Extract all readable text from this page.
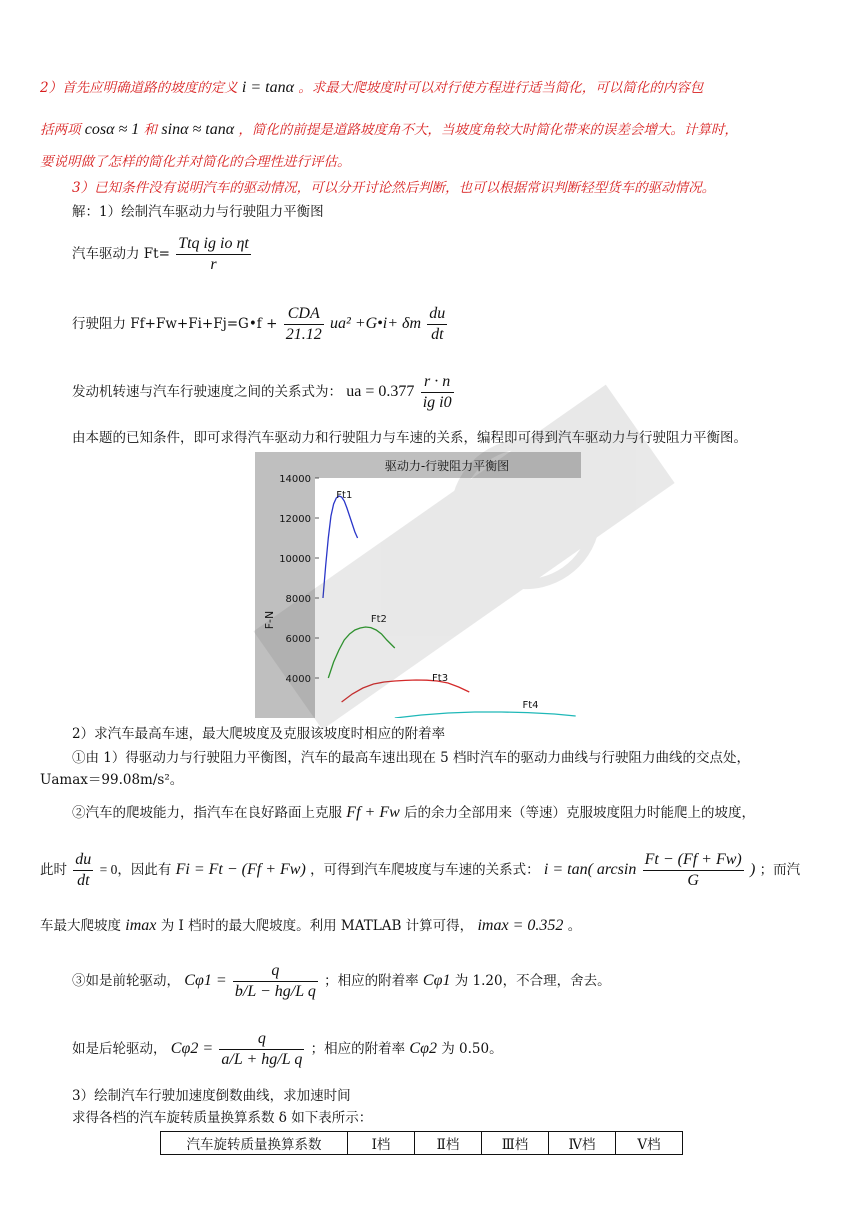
2）首先应明确道路的坡度的定义 i = tanα 。求最大爬坡度时可以对行使方程进行适当简化，可以简化的内容包
括两项 cosα ≈ 1 和 sinα ≈ tanα ，简化的前提是道路坡度角不大，当坡度角较大时简化带来的误差会增大。计算时，
要说明做了怎样的简化并对简化的合理性进行评估。
3）已知条件没有说明汽车的驱动情况，可以分开讨论然后判断，也可以根据常识判断轻型货车的驱动情况。
解：1）绘制汽车驱动力与行驶阻力平衡图
汽车驱动力 $Ft= \frac{\text{Ttq ig io ηt}}{r}$
行驶阻力 Ff+Fw+Fi+Fj=G•f + $\frac{\text{CDA}}{21.12} ua^2$ +G•i+ δm $\frac{du}{dt}$
发动机转速与汽车行驶速度之间的关系式为： ua = $0.377 \frac{r \cdot n}{\text{ig i0}}$
由本题的已知条件，即可求得汽车驱动力和行驶阻力与车速的关系，编程即可得到汽车驱动力与行驶阻力平衡图。
4000
6000
8000
10000
12000
14000
Ft1
Ft2
Ft3
Ft4
驱动力-行驶阻力平衡图
F-N
2）求汽车最高车速，最大爬坡度及克服该坡度时相应的附着率
①由 1）得驱动力与行驶阻力平衡图，汽车的最高车速出现在 5 档时汽车的驱动力曲线与行驶阻力曲线的交点处，
Uamax＝99.08m/s²。
②汽车的爬坡能力，指汽车在良好路面上克服 Ff + Fw 后的余力全部用来（等速）克服坡度阻力时能爬上的坡度，
此时 $\frac{du}{dt} = 0$，因此有 Fi = Ft − (Ff + Fw) ，可得到汽车爬坡度与车速的关系式： i = tan( $\arcsin \frac{Ft - (Ff + Fw)}{G}$ ) ；而汽
车最大爬坡度 imax 为 I 档时的最大爬坡度。利用 MATLAB 计算可得， imax = 0.352 。
③如是前轮驱动， $C\varphi 1 = \frac{q}{\text{b/L − hg/L q}}$ ；相应的附着率 Cφ1 为 1.20，不合理，舍去。
如是后轮驱动， $C\varphi 2 = \frac{q}{\text{a/L + hg/L q}}$ ；相应的附着率 Cφ2 为 0.50。
3）绘制汽车行驶加速度倒数曲线，求加速时间
求得各档的汽车旋转质量换算系数 δ 如下表所示：
汽车旋转质量换算系数	Ⅰ档	Ⅱ档	Ⅲ档	Ⅳ档	Ⅴ档
